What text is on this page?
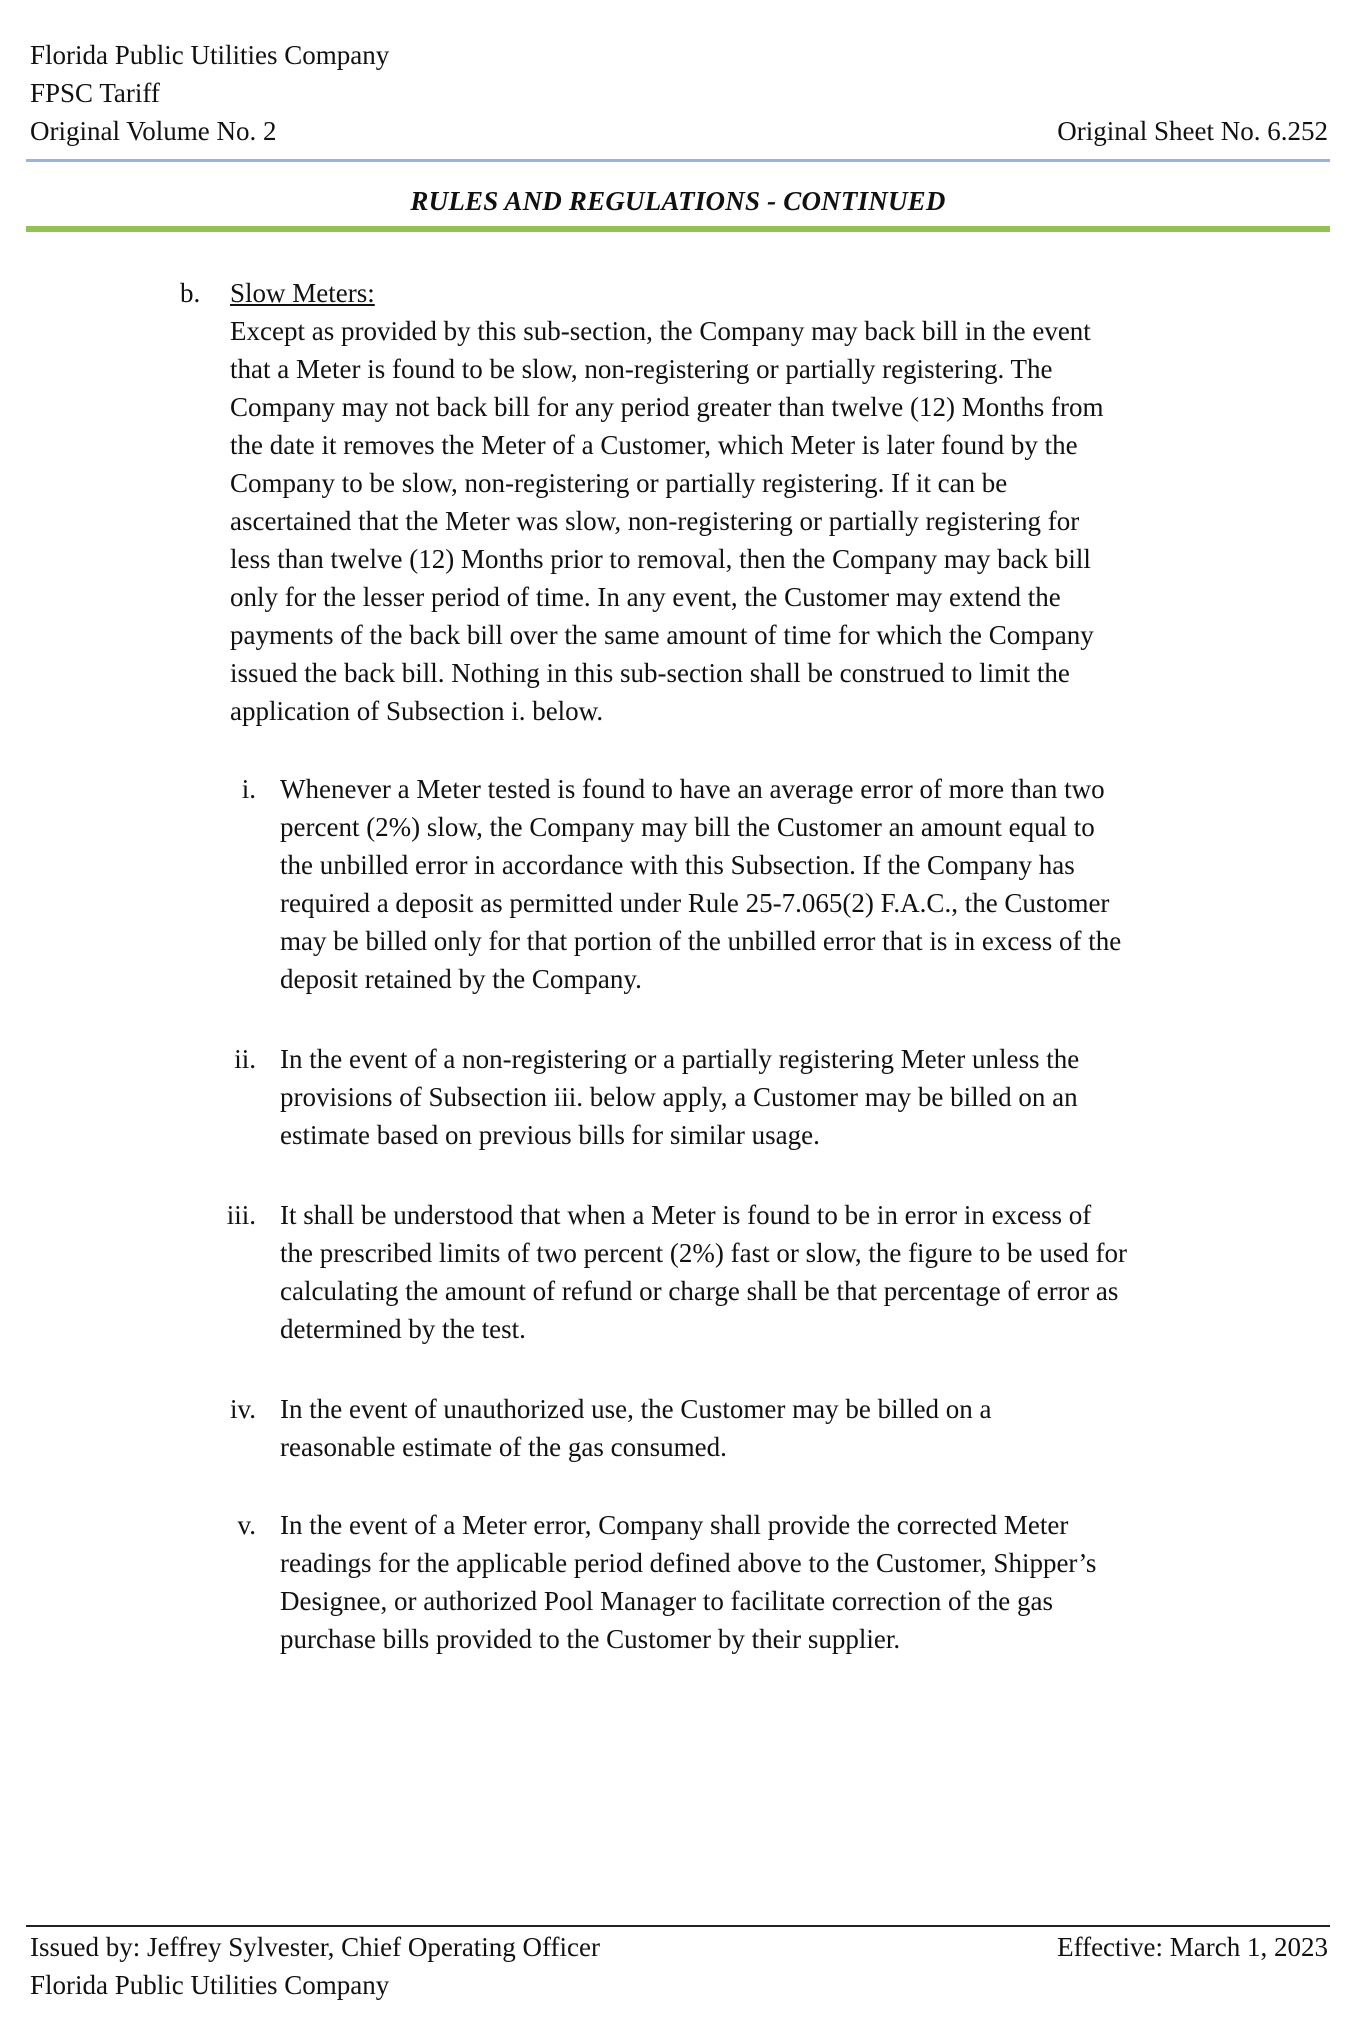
Florida Public Utilities Company
FPSC Tariff
Original Volume No. 2	Original Sheet No. 6.252
RULES AND REGULATIONS - CONTINUED
b. Slow Meters:
Except as provided by this sub-section, the Company may back bill in the event
that a Meter is found to be slow, non-registering or partially registering. The
Company may not back bill for any period greater than twelve (12) Months from
the date it removes the Meter of a Customer, which Meter is later found by the
Company to be slow, non-registering or partially registering. If it can be
ascertained that the Meter was slow, non-registering or partially registering for
less than twelve (12) Months prior to removal, then the Company may back bill
only for the lesser period of time. In any event, the Customer may extend the
payments of the back bill over the same amount of time for which the Company
issued the back bill. Nothing in this sub-section shall be construed to limit the
application of Subsection i. below.
i. Whenever a Meter tested is found to have an average error of more than two
percent (2%) slow, the Company may bill the Customer an amount equal to
the unbilled error in accordance with this Subsection. If the Company has
required a deposit as permitted under Rule 25-7.065(2) F.A.C., the Customer
may be billed only for that portion of the unbilled error that is in excess of the
deposit retained by the Company.
ii. In the event of a non-registering or a partially registering Meter unless the
provisions of Subsection iii. below apply, a Customer may be billed on an
estimate based on previous bills for similar usage.
iii. It shall be understood that when a Meter is found to be in error in excess of
the prescribed limits of two percent (2%) fast or slow, the figure to be used for
calculating the amount of refund or charge shall be that percentage of error as
determined by the test.
iv. In the event of unauthorized use, the Customer may be billed on a
reasonable estimate of the gas consumed.
v. In the event of a Meter error, Company shall provide the corrected Meter
readings for the applicable period defined above to the Customer, Shipper’s
Designee, or authorized Pool Manager to facilitate correction of the gas
purchase bills provided to the Customer by their supplier.
Issued by: Jeffrey Sylvester, Chief Operating Officer	Effective: March 1, 2023
Florida Public Utilities Company
